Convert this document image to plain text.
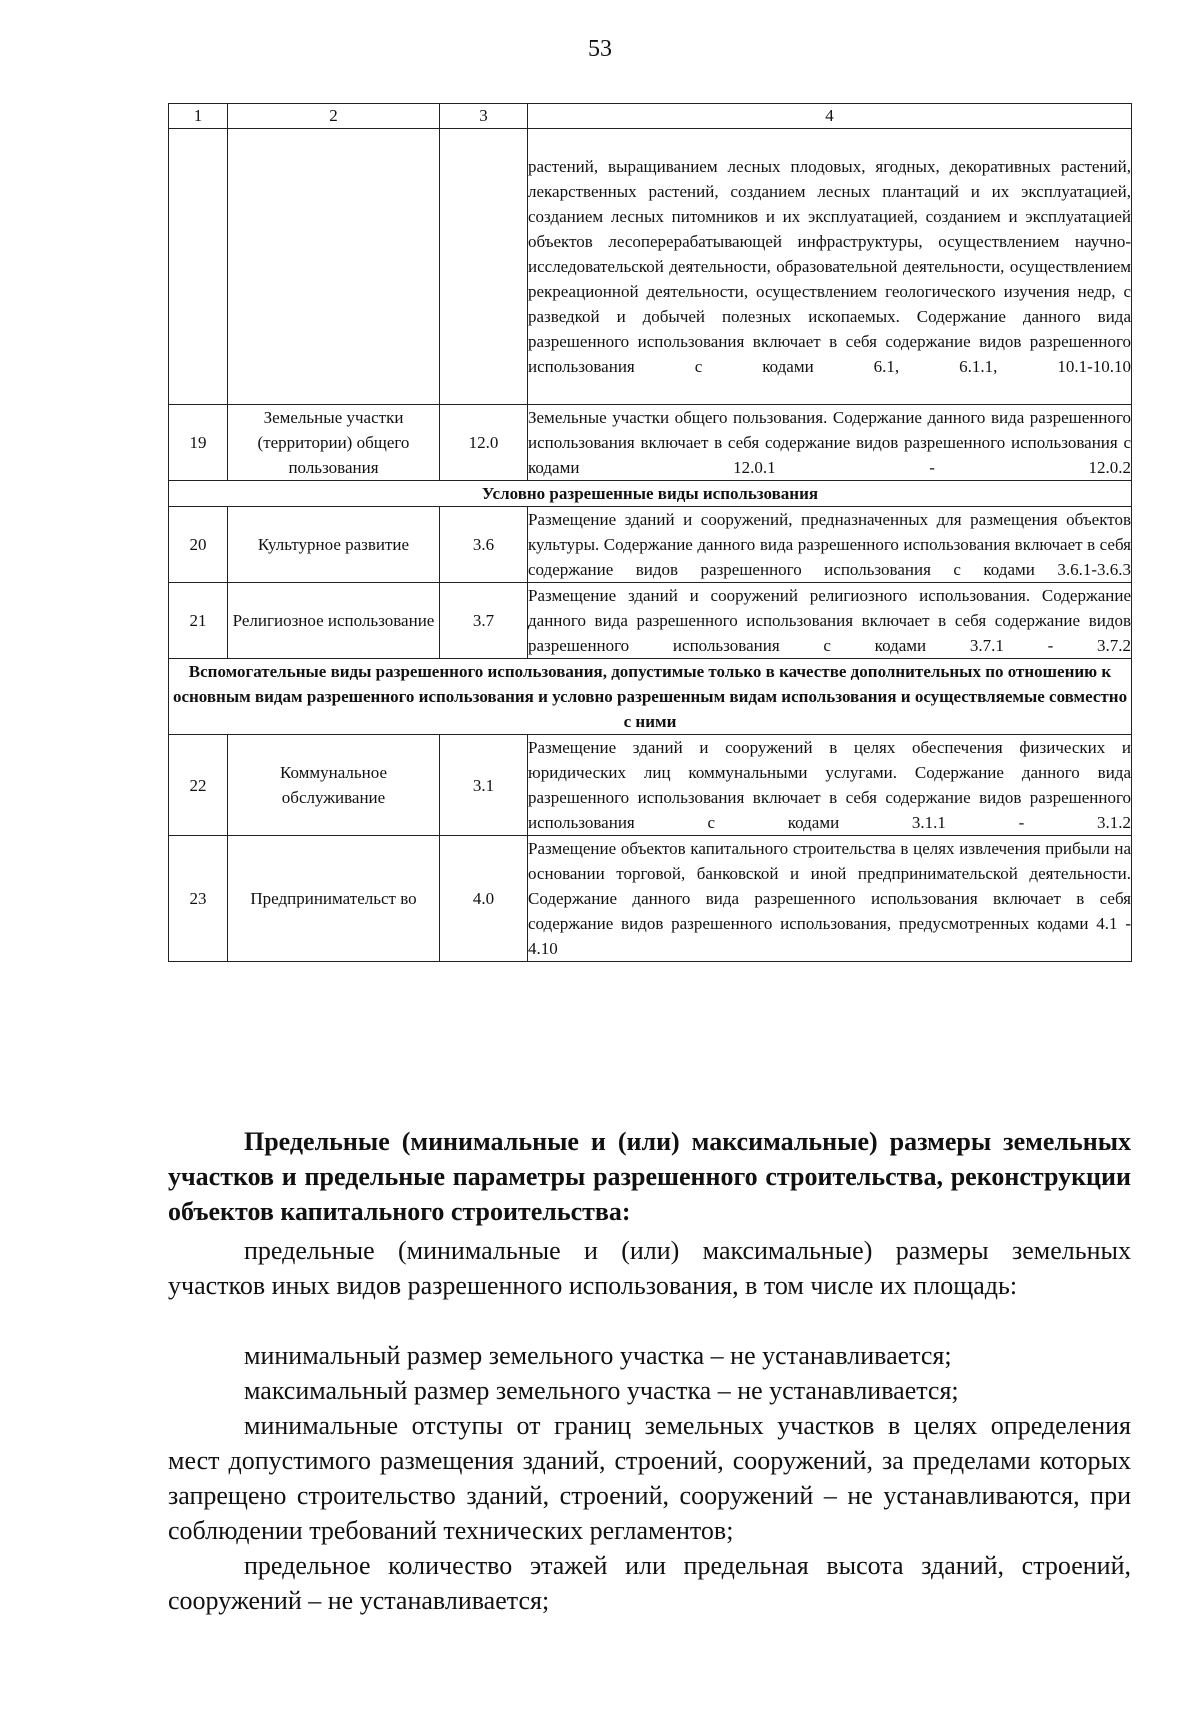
53
1	2	3	4
			растений, выращиванием лесных плодовых, ягодных, декоративных растений, лекарственных растений, созданием лесных плантаций и их эксплуатацией, созданием лесных питомников и их эксплуатацией, созданием и эксплуатацией объектов лесоперерабатывающей инфраструктуры, осуществлением научно-исследовательской деятельности, образовательной деятельности, осуществлением рекреационной деятельности, осуществлением геологического изучения недр, с разведкой и добычей полезных ископаемых. Содержание данного вида разрешенного использования включает в себя содержание видов разрешенного использования с кодами 6.1, 6.1.1, 10.1-10.10
19	Земельные участки (территории) общего пользования	12.0	Земельные участки общего пользования. Содержание данного вида разрешенного использования включает в себя содержание видов разрешенного использования с кодами 12.0.1 - 12.0.2
Условно разрешенные виды использования			
20	Культурное развитие	3.6	Размещение зданий и сооружений, предназначенных для размещения объектов культуры. Содержание данного вида разрешенного использования включает в себя содержание видов разрешенного использования с кодами 3.6.1-3.6.3
21	Религиозное использование	3.7	Размещение зданий и сооружений религиозного использования. Содержание данного вида разрешенного использования включает в себя содержание видов разрешенного использования с кодами 3.7.1 - 3.7.2
Вспомогательные виды разрешенного использования, допустимые только в качестве дополнительных по отношению к основным видам разрешенного использования и условно разрешенным видам использования и осуществляемые совместно с ними			
22	Коммунальное обслуживание	3.1	Размещение зданий и сооружений в целях обеспечения физических и юридических лиц коммунальными услугами. Содержание данного вида разрешенного использования включает в себя содержание видов разрешенного использования с кодами 3.1.1 - 3.1.2
23	Предпринимательст во	4.0	Размещение объектов капитального строительства в целях извлечения прибыли на основании торговой, банковской и иной предпринимательской деятельности. Содержание данного вида разрешенного использования включает в себя содержание видов разрешенного использования, предусмотренных кодами 4.1 - 4.10
Предельные (минимальные и (или) максимальные) размеры земельных участков и предельные параметры разрешенного строительства, реконструкции объектов капитального строительства:
предельные (минимальные и (или) максимальные) размеры земельных участков иных видов разрешенного использования, в том числе их площадь:
минимальный размер земельного участка – не устанавливается;
максимальный размер земельного участка – не устанавливается;
минимальные отступы от границ земельных участков в целях определения мест допустимого размещения зданий, строений, сооружений, за пределами которых запрещено строительство зданий, строений, сооружений – не устанавливаются, при соблюдении требований технических регламентов;
предельное количество этажей или предельная высота зданий, строений, сооружений – не устанавливается;
